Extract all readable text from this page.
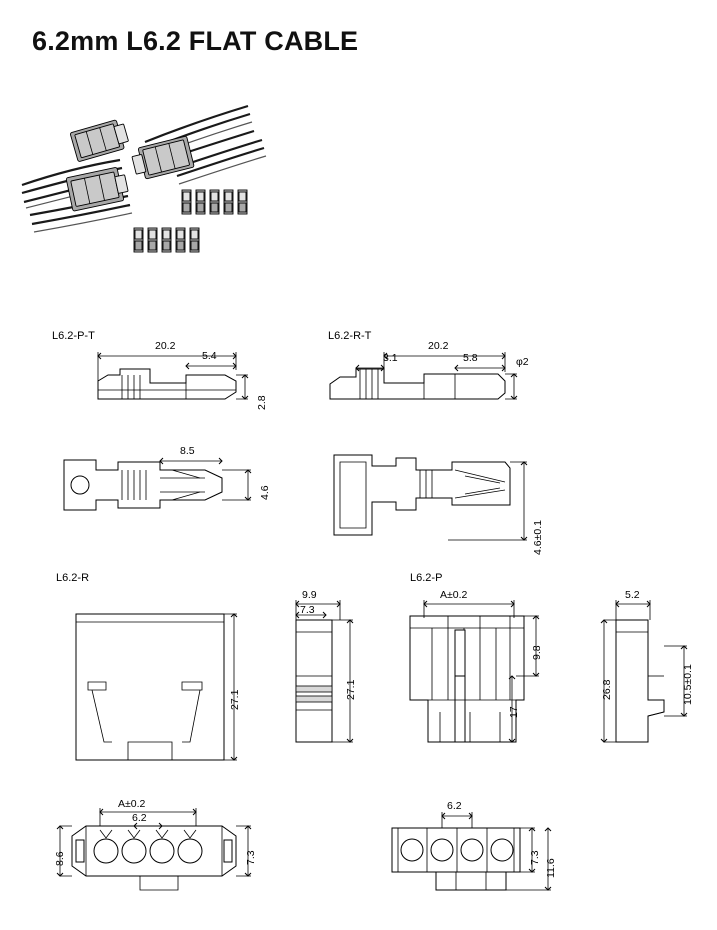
6.2mm L6.2 FLAT CABLE
L6.2-P-T	L6.2-R-T
L6.2-R	L6.2-P
20.2
5.4
2.8
8.5
4.6
20.2
3.1	5.8	φ2
4.6±0.1
27.1
9.9
7.3
27.1
A±0.2
9.8
17
5.2
26.8	10.5±0.1
A±0.2
6.2
8.6	7.3
6.2
7.3
11.6
